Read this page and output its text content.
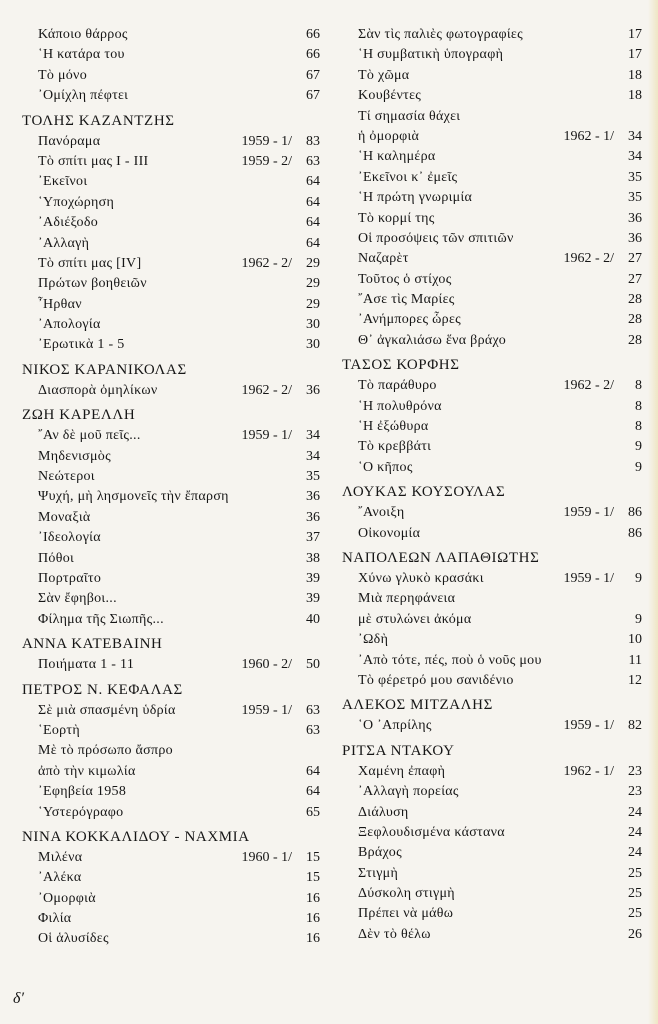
Κάποιο θάρρος	66
῾Η κατάρα του	66
Τὸ μόνο	67
᾿Ομίχλη πέφτει	67
ΤΟΛΗΣ ΚΑΖΑΝΤΖΗΣ
Πανόραμα	1959 - 1/	83
Τὸ σπίτι μας I - III	1959 - 2/	63
᾿Εκεῖνοι	64
῾Υποχώρηση	64
᾿Αδιέξοδο	64
᾿Αλλαγὴ	64
Τὸ σπίτι μας [IV]	1962 - 2/	29
Πρώτων βοηθειῶν	29
῏Ηρθαν	29
᾿Απολογία	30
᾿Ερωτικὰ 1 - 5	30
ΝΙΚΟΣ ΚΑΡΑΝΙΚΟΛΑΣ
Διασπορὰ ὁμηλίκων	1962 - 2/	36
ΖΩΗ ΚΑΡΕΛΛΗ
῎Αν δὲ μοῦ πεῖς...	1959 - 1/	34
Μηδενισμὸς	34
Νεώτεροι	35
Ψυχή, μὴ λησμονεῖς τὴν ἔπαρση	36
Μοναξιὰ	36
᾿Ιδεολογία	37
Πόθοι	38
Πορτραῖτο	39
Σὰν ἔφηβοι...	39
Φίλημα τῆς Σιωπῆς...	40
ΑΝΝΑ ΚΑΤΕΒΑΙΝΗ
Ποιήματα 1 - 11	1960 - 2/	50
ΠΕΤΡΟΣ Ν. ΚΕΦΑΛΑΣ
Σὲ μιὰ σπασμένη ὑδρία	1959 - 1/	63
῾Εορτὴ	63
Μὲ τὸ πρόσωπο ἄσπρο
ἀπὸ τὴν κιμωλία	64
᾿Εφηβεία 1958	64
῾Υστερόγραφο	65
ΝΙΝΑ ΚΟΚΚΑΛΙΔΟΥ - ΝΑΧΜΙΑ
Μιλένα	1960 - 1/	15
᾿Αλέκα	15
᾿Ομορφιὰ	16
Φιλία	16
Οἱ ἁλυσίδες	16
Σὰν τὶς παλιὲς φωτογραφίες	17
῾Η συμβατικὴ ὑπογραφὴ	17
Τὸ χῶμα	18
Κουβέντες	18
Τί σημασία θάχει
ἡ ὀμορφιὰ	1962 - 1/	34
῾Η καλημέρα	34
᾿Εκεῖνοι κ᾿ ἐμεῖς	35
῾Η πρώτη γνωριμία	35
Τὸ κορμί της	36
Οἱ προσόψεις τῶν σπιτιῶν	36
Ναζαρὲτ	1962 - 2/	27
Τοῦτος ὁ στίχος	27
῎Ασε τὶς Μαρίες	28
᾿Ανήμπορες ὧρες	28
Θ᾿ ἀγκαλιάσω ἕνα βράχο	28
ΤΑΣΟΣ ΚΟΡΦΗΣ
Τὸ παράθυρο	1962 - 2/	8
῾Η πολυθρόνα	8
῾Η ἐξώθυρα	8
Τὸ κρεββάτι	9
῾Ο κῆπος	9
ΛΟΥΚΑΣ ΚΟΥΣΟΥΛΑΣ
῎Ανοιξη	1959 - 1/	86
Οἰκονομία	86
ΝΑΠΟΛΕΩΝ ΛΑΠΑΘΙΩΤΗΣ
Χύνω γλυκὸ κρασάκι	1959 - 1/	9
Μιὰ περηφάνεια
μὲ στυλώνει ἀκόμα	9
᾿Ωδὴ	10
᾿Απὸ τότε, πές, ποὺ ὁ νοῦς μου	11
Τὸ φέρετρό μου σανιδένιο	12
ΑΛΕΚΟΣ ΜΙΤΖΑΛΗΣ
῾Ο ᾿Απρίλης	1959 - 1/	82
ΡΙΤΣΑ ΝΤΑΚΟΥ
Χαμένη ἐπαφὴ	1962 - 1/	23
᾿Αλλαγὴ πορείας	23
Διάλυση	24
Ξεφλουδισμένα κάστανα	24
Βράχος	24
Στιγμὴ	25
Δύσκολη στιγμὴ	25
Πρέπει νὰ μάθω	25
Δὲν τὸ θέλω	26
δ′
